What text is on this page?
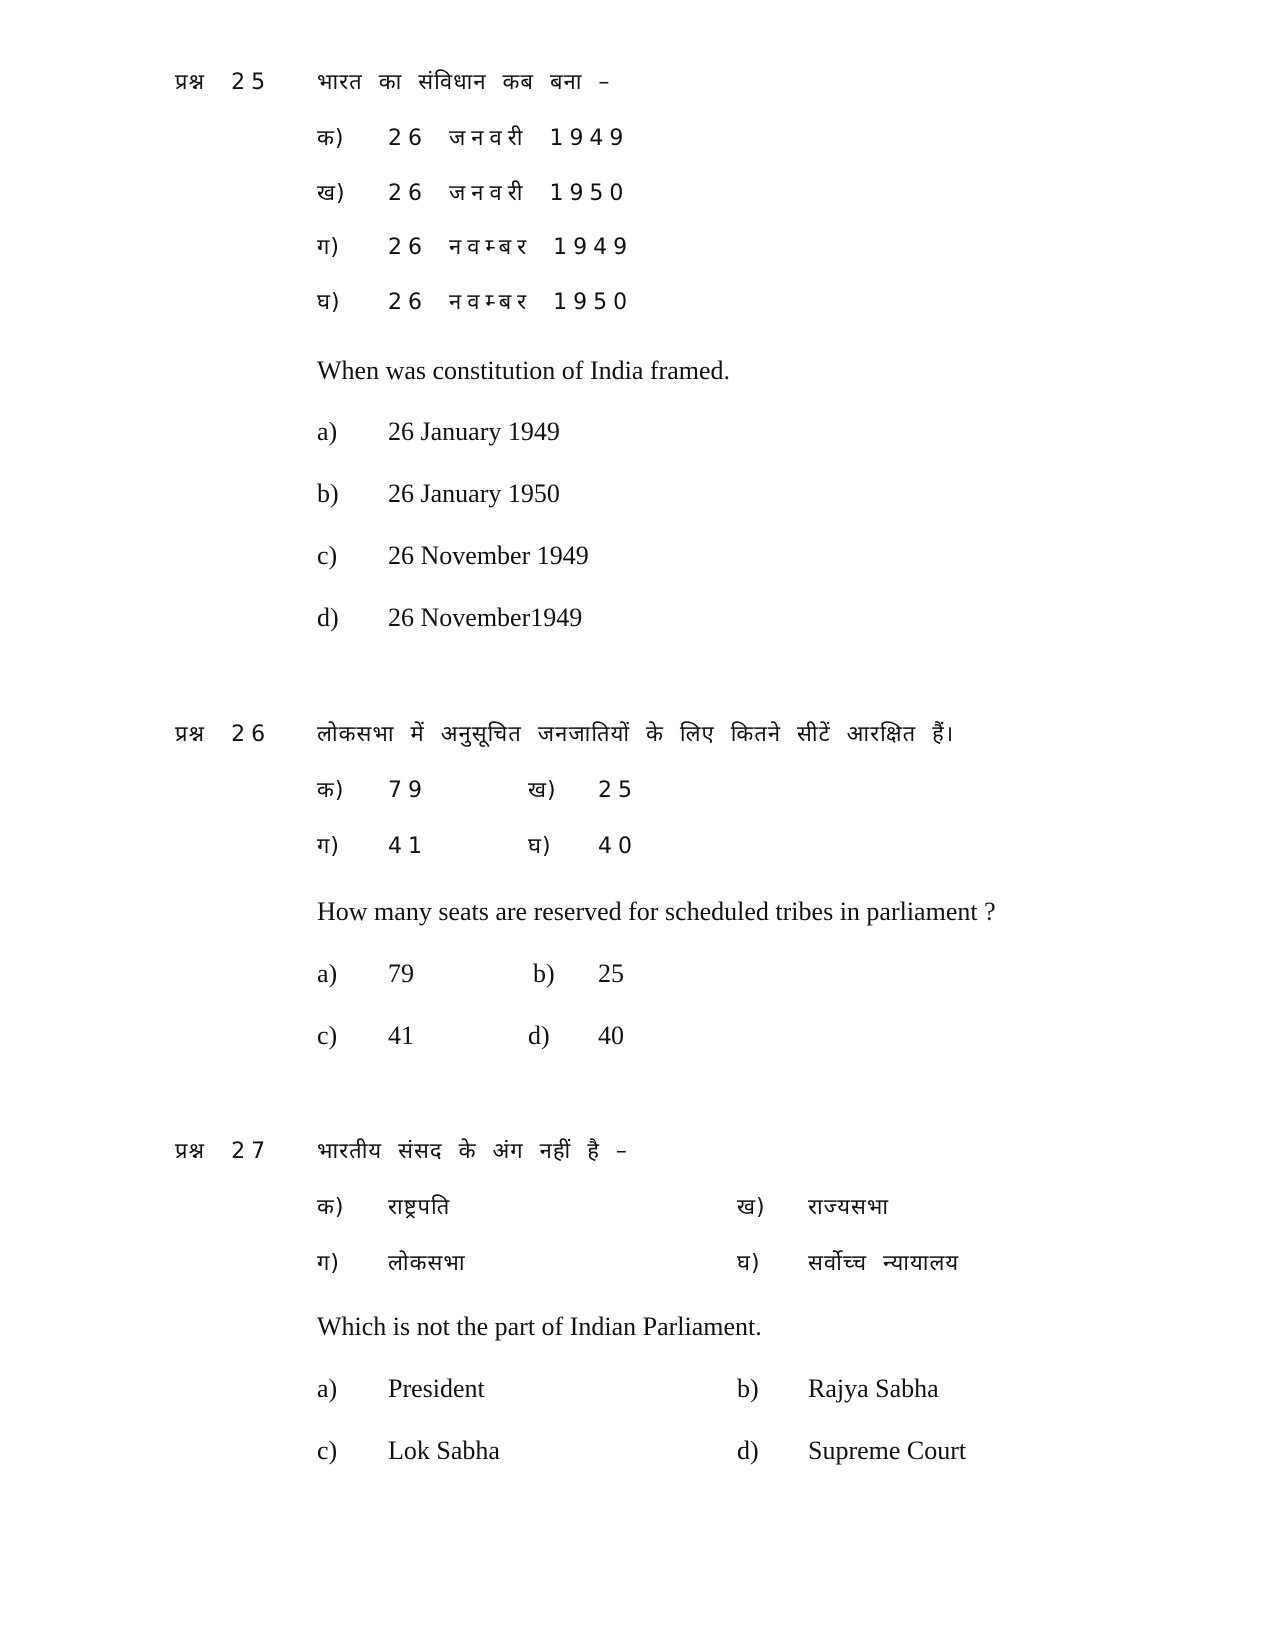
प्रश्न 25 भारत का संविधान कब बना –
क) 26 जनवरी 1949
ख) 26 जनवरी 1950
ग) 26 नवम्बर 1949
घ) 26 नवम्बर 1950
When was constitution of India framed.
a) 26 January 1949
b) 26 January 1950
c) 26 November 1949
d) 26 November1949
प्रश्न 26 लोकसभा में अनुसूचित जनजातियों के लिए कितने सीटें आरक्षित हैं।
क) 79	ख) 25
ग) 41	घ) 40
How many seats are reserved for scheduled tribes in parliament ?
a) 79	b) 25
c) 41	d) 40
प्रश्न 27 भारतीय संसद के अंग नहीं है –
क) राष्ट्रपति	ख) राज्यसभा
ग) लोकसभा	घ) सर्वोच्च न्यायालय
Which is not the part of Indian Parliament.
a) President	b) Rajya Sabha
c) Lok Sabha	d) Supreme Court
